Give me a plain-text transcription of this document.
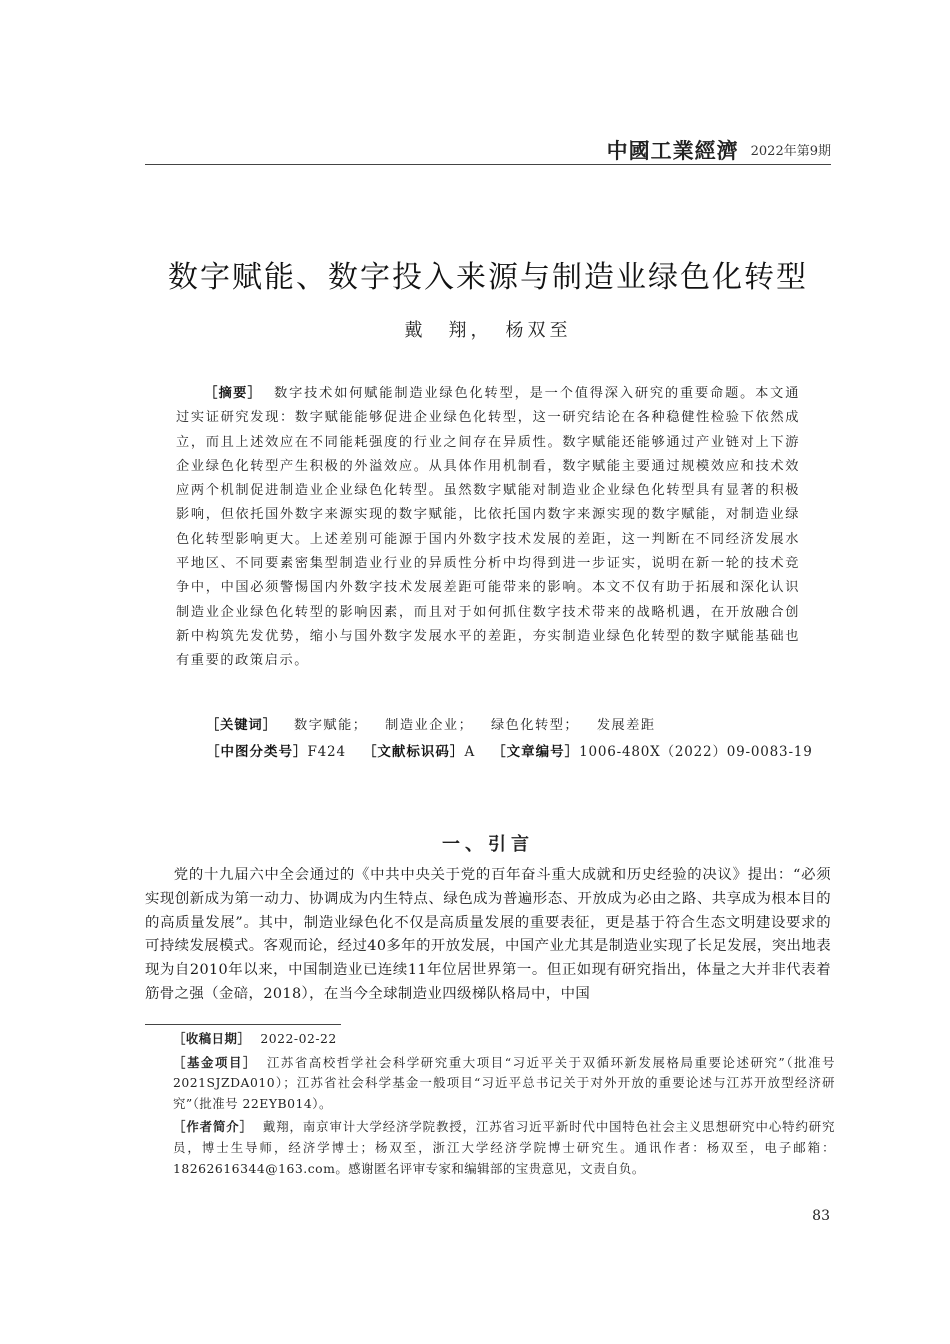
中國工業經濟 2022年第9期
数字赋能、数字投入来源与制造业绿色化转型
戴　翔，　杨双至

［摘要］ 数字技术如何赋能制造业绿色化转型，是一个值得深入研究的重要命题。本文通过实证研究发现：数字赋能能够促进企业绿色化转型，这一研究结论在各种稳健性检验下依然成立，而且上述效应在不同能耗强度的行业之间存在异质性。数字赋能还能够通过产业链对上下游企业绿色化转型产生积极的外溢效应。从具体作用机制看，数字赋能主要通过规模效应和技术效应两个机制促进制造业企业绿色化转型。虽然数字赋能对制造业企业绿色化转型具有显著的积极影响，但依托国外数字来源实现的数字赋能，比依托国内数字来源实现的数字赋能，对制造业绿色化转型影响更大。上述差别可能源于国内外数字技术发展的差距，这一判断在不同经济发展水平地区、不同要素密集型制造业行业的异质性分析中均得到进一步证实，说明在新一轮的技术竞争中，中国必须警惕国内外数字技术发展差距可能带来的影响。本文不仅有助于拓展和深化认识制造业企业绿色化转型的影响因素，而且对于如何抓住数字技术带来的战略机遇，在开放融合创新中构筑先发优势，缩小与国外数字发展水平的差距，夯实制造业绿色化转型的数字赋能基础也有重要的政策启示。

［关键词］ 数字赋能； 制造业企业； 绿色化转型； 发展差距
［中图分类号］F424 ［文献标识码］A ［文章编号］1006-480X（2022）09-0083-19
一、引言

党的十九届六中全会通过的《中共中央关于党的百年奋斗重大成就和历史经验的决议》提出：“必须实现创新成为第一动力、协调成为内生特点、绿色成为普遍形态、开放成为必由之路、共享成为根本目的的高质量发展”。其中，制造业绿色化不仅是高质量发展的重要表征，更是基于符合生态文明建设要求的可持续发展模式。客观而论，经过40多年的开放发展，中国产业尤其是制造业实现了长足发展，突出地表现为自2010年以来，中国制造业已连续11年位居世界第一。但正如现有研究指出，体量之大并非代表着筋骨之强（金碚，2018），在当今全球制造业四级梯队格局中，中国

［收稿日期］ 2022-02-22

［基金项目］ 江苏省高校哲学社会科学研究重大项目“习近平关于双循环新发展格局重要论述研究”（批准号2021SJZDA010）；江苏省社会科学基金一般项目“习近平总书记关于对外开放的重要论述与江苏开放型经济研究”（批准号 22EYB014）。

［作者简介］ 戴翔，南京审计大学经济学院教授，江苏省习近平新时代中国特色社会主义思想研究中心特约研究员，博士生导师，经济学博士；杨双至，浙江大学经济学院博士研究生。通讯作者：杨双至，电子邮箱：18262616344@163.com。感谢匿名评审专家和编辑部的宝贵意见，文责自负。

83
